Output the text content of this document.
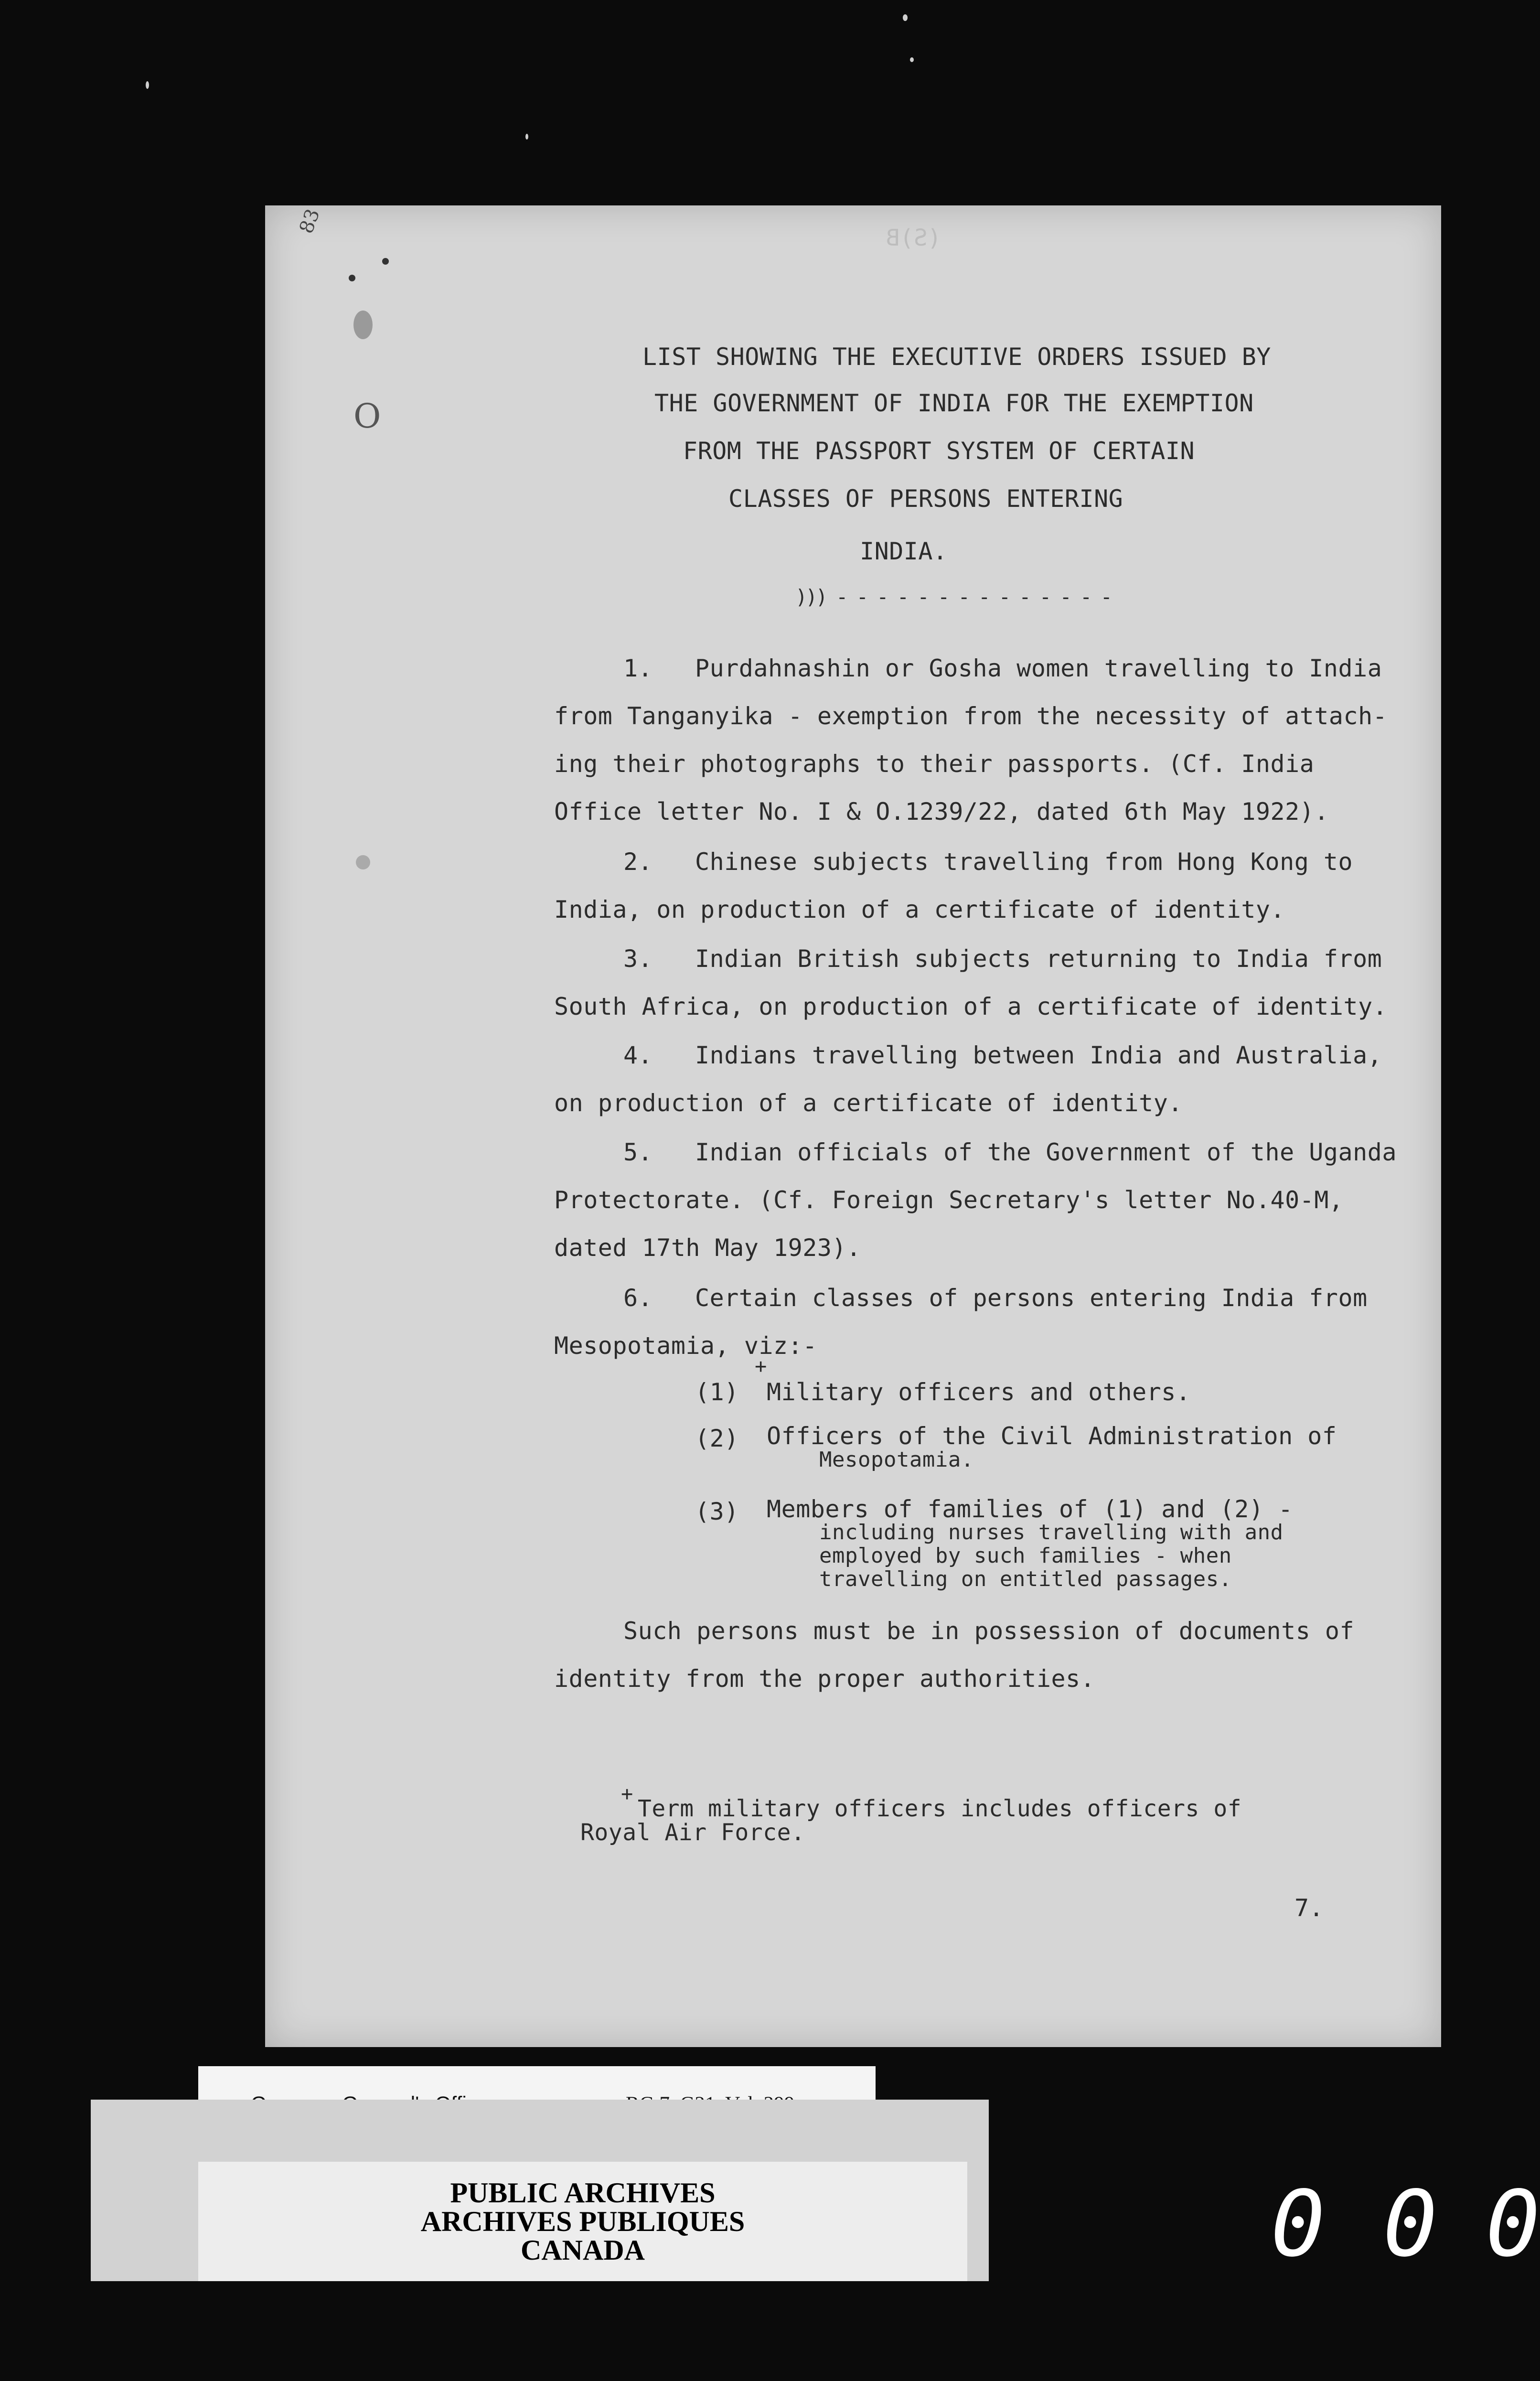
83
(S)B
O
LIST SHOWING THE EXECUTIVE ORDERS ISSUED BY
THE GOVERNMENT OF INDIA FOR THE EXEMPTION
FROM THE PASSPORT SYSTEM OF CERTAIN
CLASSES OF PERSONS ENTERING
INDIA.
))) - - - - - - - - - - - - - -
1. Purdahnashin or Gosha women travelling to India
from Tanganyika - exemption from the necessity of attach-
ing their photographs to their passports. (Cf. India
Office letter No. I & O.1239/22, dated 6th May 1922).
2. Chinese subjects travelling from Hong Kong to
India, on production of a certificate of identity.
3. Indian British subjects returning to India from
South Africa, on production of a certificate of identity.
4. Indians travelling between India and Australia,
on production of a certificate of identity.
5. Indian officials of the Government of the Uganda
Protectorate. (Cf. Foreign Secretary's letter No.40-M,
dated 17th May 1923).
6. Certain classes of persons entering India from
Mesopotamia, viz:-
+
(1) Military officers and others.
(2) Officers of the Civil Administration of
Mesopotamia.
(3) Members of families of (1) and (2) -
including nurses travelling with and
employed by such families - when
travelling on entitled passages.
Such persons must be in possession of documents of
identity from the proper authorities.
+
Term military officers includes officers of
Royal Air Force.
7.
PUBLIC ARCHIVES
ARCHIVES PUBLIQUES
CANADA	0 0 0
